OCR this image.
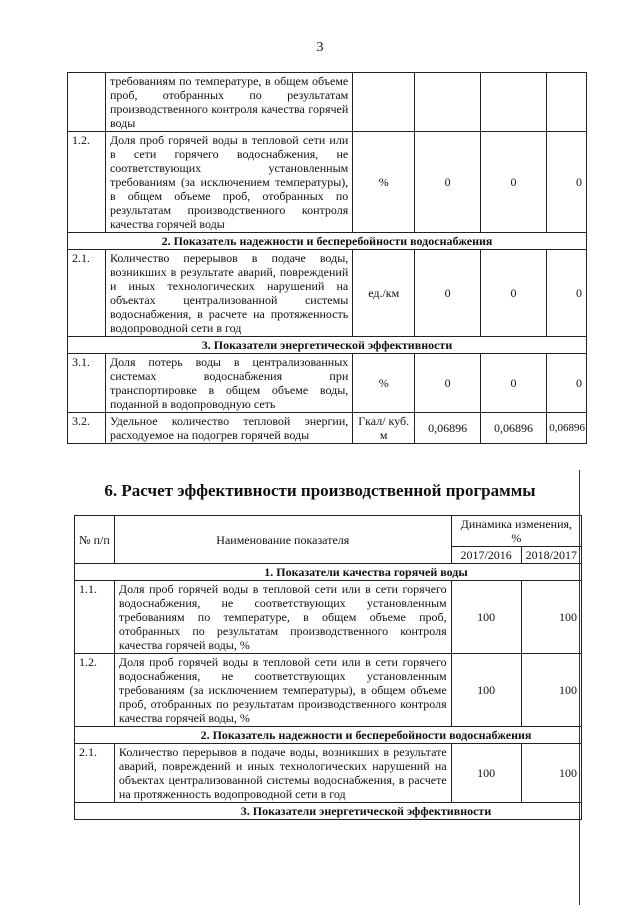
3
	требованиям по температуре, в общем объеме проб, отобранных по результатам производственного контроля качества горячей воды				
1.2.	Доля проб горячей воды в тепловой сети или в сети горячего водоснабжения, не соответствующих установленным требованиям (за исключением температуры), в общем объеме проб, отобранных по результатам производственного контроля качества горячей воды	%	0	0	0
2. Показатель надежности и бесперебойности водоснабжения					
2.1.	Количество перерывов в подаче воды, возникших в результате аварий, повреждений и иных технологических нарушений на объектах централизованной системы водоснабжения, в расчете на протяженность водопроводной сети в год	ед./км	0	0	0
3. Показатели энергетической эффективности					
3.1.	Доля потерь воды в централизованных системах водоснабжения при транспортировке в общем объеме воды, поданной в водопроводную сеть	%	0	0	0
3.2.	Удельное количество тепловой энергии, расходуемое на подогрев горячей воды	Гкал/ куб. м	0,06896	0,06896	0,06896
6. Расчет эффективности производственной программы
№ п/п	Наименование показателя	Динамика изменения, %	
		2017/2016	2018/2017
1. Показатели качества горячей воды			
1.1.	Доля проб горячей воды в тепловой сети или в сети горячего водоснабжения, не соответствующих установленным требованиям по температуре, в общем объеме проб, отобранных по результатам производственного контроля качества горячей воды, %	100	100
1.2.	Доля проб горячей воды в тепловой сети или в сети горячего водоснабжения, не соответствующих установленным требованиям (за исключением температуры), в общем объеме проб, отобранных по результатам производственного контроля качества горячей воды, %	100	100
2. Показатель надежности и бесперебойности водоснабжения			
2.1.	Количество перерывов в подаче воды, возникших в результате аварий, повреждений и иных технологических нарушений на объектах централизованной системы водоснабжения, в расчете на протяженность водопроводной сети в год	100	100
3. Показатели энергетической эффективности			
